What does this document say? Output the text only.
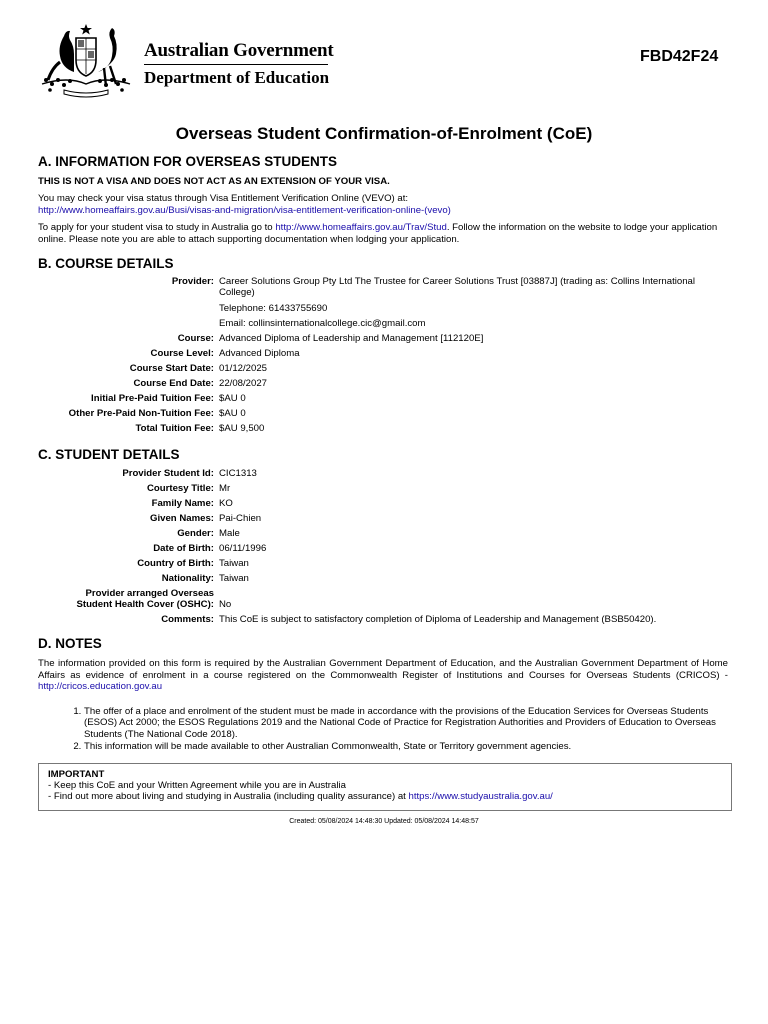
Australian Government
Department of Education
FBD42F24
Overseas Student Confirmation-of-Enrolment (CoE)
A. INFORMATION FOR OVERSEAS STUDENTS

THIS IS NOT A VISA AND DOES NOT ACT AS AN EXTENSION OF YOUR VISA.

You may check your visa status through Visa Entitlement Verification Online (VEVO) at:

http://www.homeaffairs.gov.au/Busi/visas-and-migration/visa-entitlement-verification-online-(vevo)

To apply for your student visa to study in Australia go to http://www.homeaffairs.gov.au/Trav/Stud. Follow the information on the website to lodge your application online. Please note you are able to attach supporting documentation when lodging your application.

B. COURSE DETAILS
Provider: Career Solutions Group Pty Ltd The Trustee for Career Solutions Trust [03887J] (trading as: Collins International College)
Telephone: 61433755690
Email: collinsinternationalcollege.cic@gmail.com
Course: Advanced Diploma of Leadership and Management [112120E]
Course Level: Advanced Diploma
Course Start Date: 01/12/2025
Course End Date: 22/08/2027
Initial Pre-Paid Tuition Fee: $AU 0
Other Pre-Paid Non-Tuition Fee: $AU 0
Total Tuition Fee: $AU 9,500
C. STUDENT DETAILS
Provider Student Id: CIC1313
Courtesy Title: Mr
Family Name: KO
Given Names: Pai-Chien
Gender: Male
Date of Birth: 06/11/1996
Country of Birth: Taiwan
Nationality: Taiwan
Provider arranged Overseas
Student Health Cover (OSHC): No
Comments: This CoE is subject to satisfactory completion of Diploma of Leadership and Management (BSB50420).
D. NOTES

The information provided on this form is required by the Australian Government Department of Education, and the Australian Government Department of Home Affairs as evidence of enrolment in a course registered on the Commonwealth Register of Institutions and Courses for Overseas Students (CRICOS) - http://cricos.education.gov.au

1. The offer of a place and enrolment of the student must be made in accordance with the provisions of the Education Services for Overseas Students (ESOS) Act 2000; the ESOS Regulations 2019 and the National Code of Practice for Registration Authorities and Providers of Education to Overseas Students (The National Code 2018).
2. This information will be made available to other Australian Commonwealth, State or Territory government agencies.
IMPORTANT
- Keep this CoE and your Written Agreement while you are in Australia
- Find out more about living and studying in Australia (including quality assurance) at https://www.studyaustralia.gov.au/
Created: 05/08/2024 14:48:30 Updated: 05/08/2024 14:48:57
